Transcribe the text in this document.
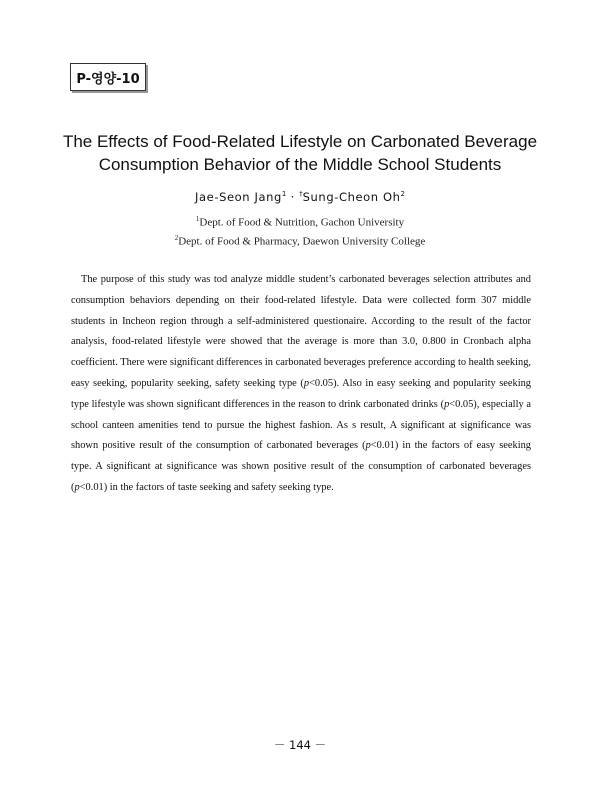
P-영양-10
The Effects of Food-Related Lifestyle on Carbonated Beverage
Consumption Behavior of the Middle School Students
Jae-Seon Jang$^1$ · †Sung-Cheon Oh$^2$
$^1$Dept. of Food & Nutrition, Gachon University
$^2$Dept. of Food & Pharmacy, Daewon University College
The purpose of this study was tod analyze middle student’s carbonated beverages selection attributes and consumption behaviors depending on their food-related lifestyle. Data were collected form 307 middle students in Incheon region through a self-administered questionaire. According to the result of the factor analysis, food-related lifestyle were showed that the average is more than 3.0, 0.800 in Cronbach alpha coefficient. There were significant differences in carbonated beverages preference according to health seeking, easy seeking, popularity seeking, safety seeking type (p<0.05). Also in easy seeking and popularity seeking type lifestyle was shown significant differences in the reason to drink carbonated drinks (p<0.05), especially a school canteen amenities tend to pursue the highest fashion. As s result, A significant at significance was shown positive result of the consumption of carbonated beverages (p<0.01) in the factors of easy seeking type. A significant at significance was shown positive result of the consumption of carbonated beverages (p<0.01) in the factors of taste seeking and safety seeking type.
－ 144 －
